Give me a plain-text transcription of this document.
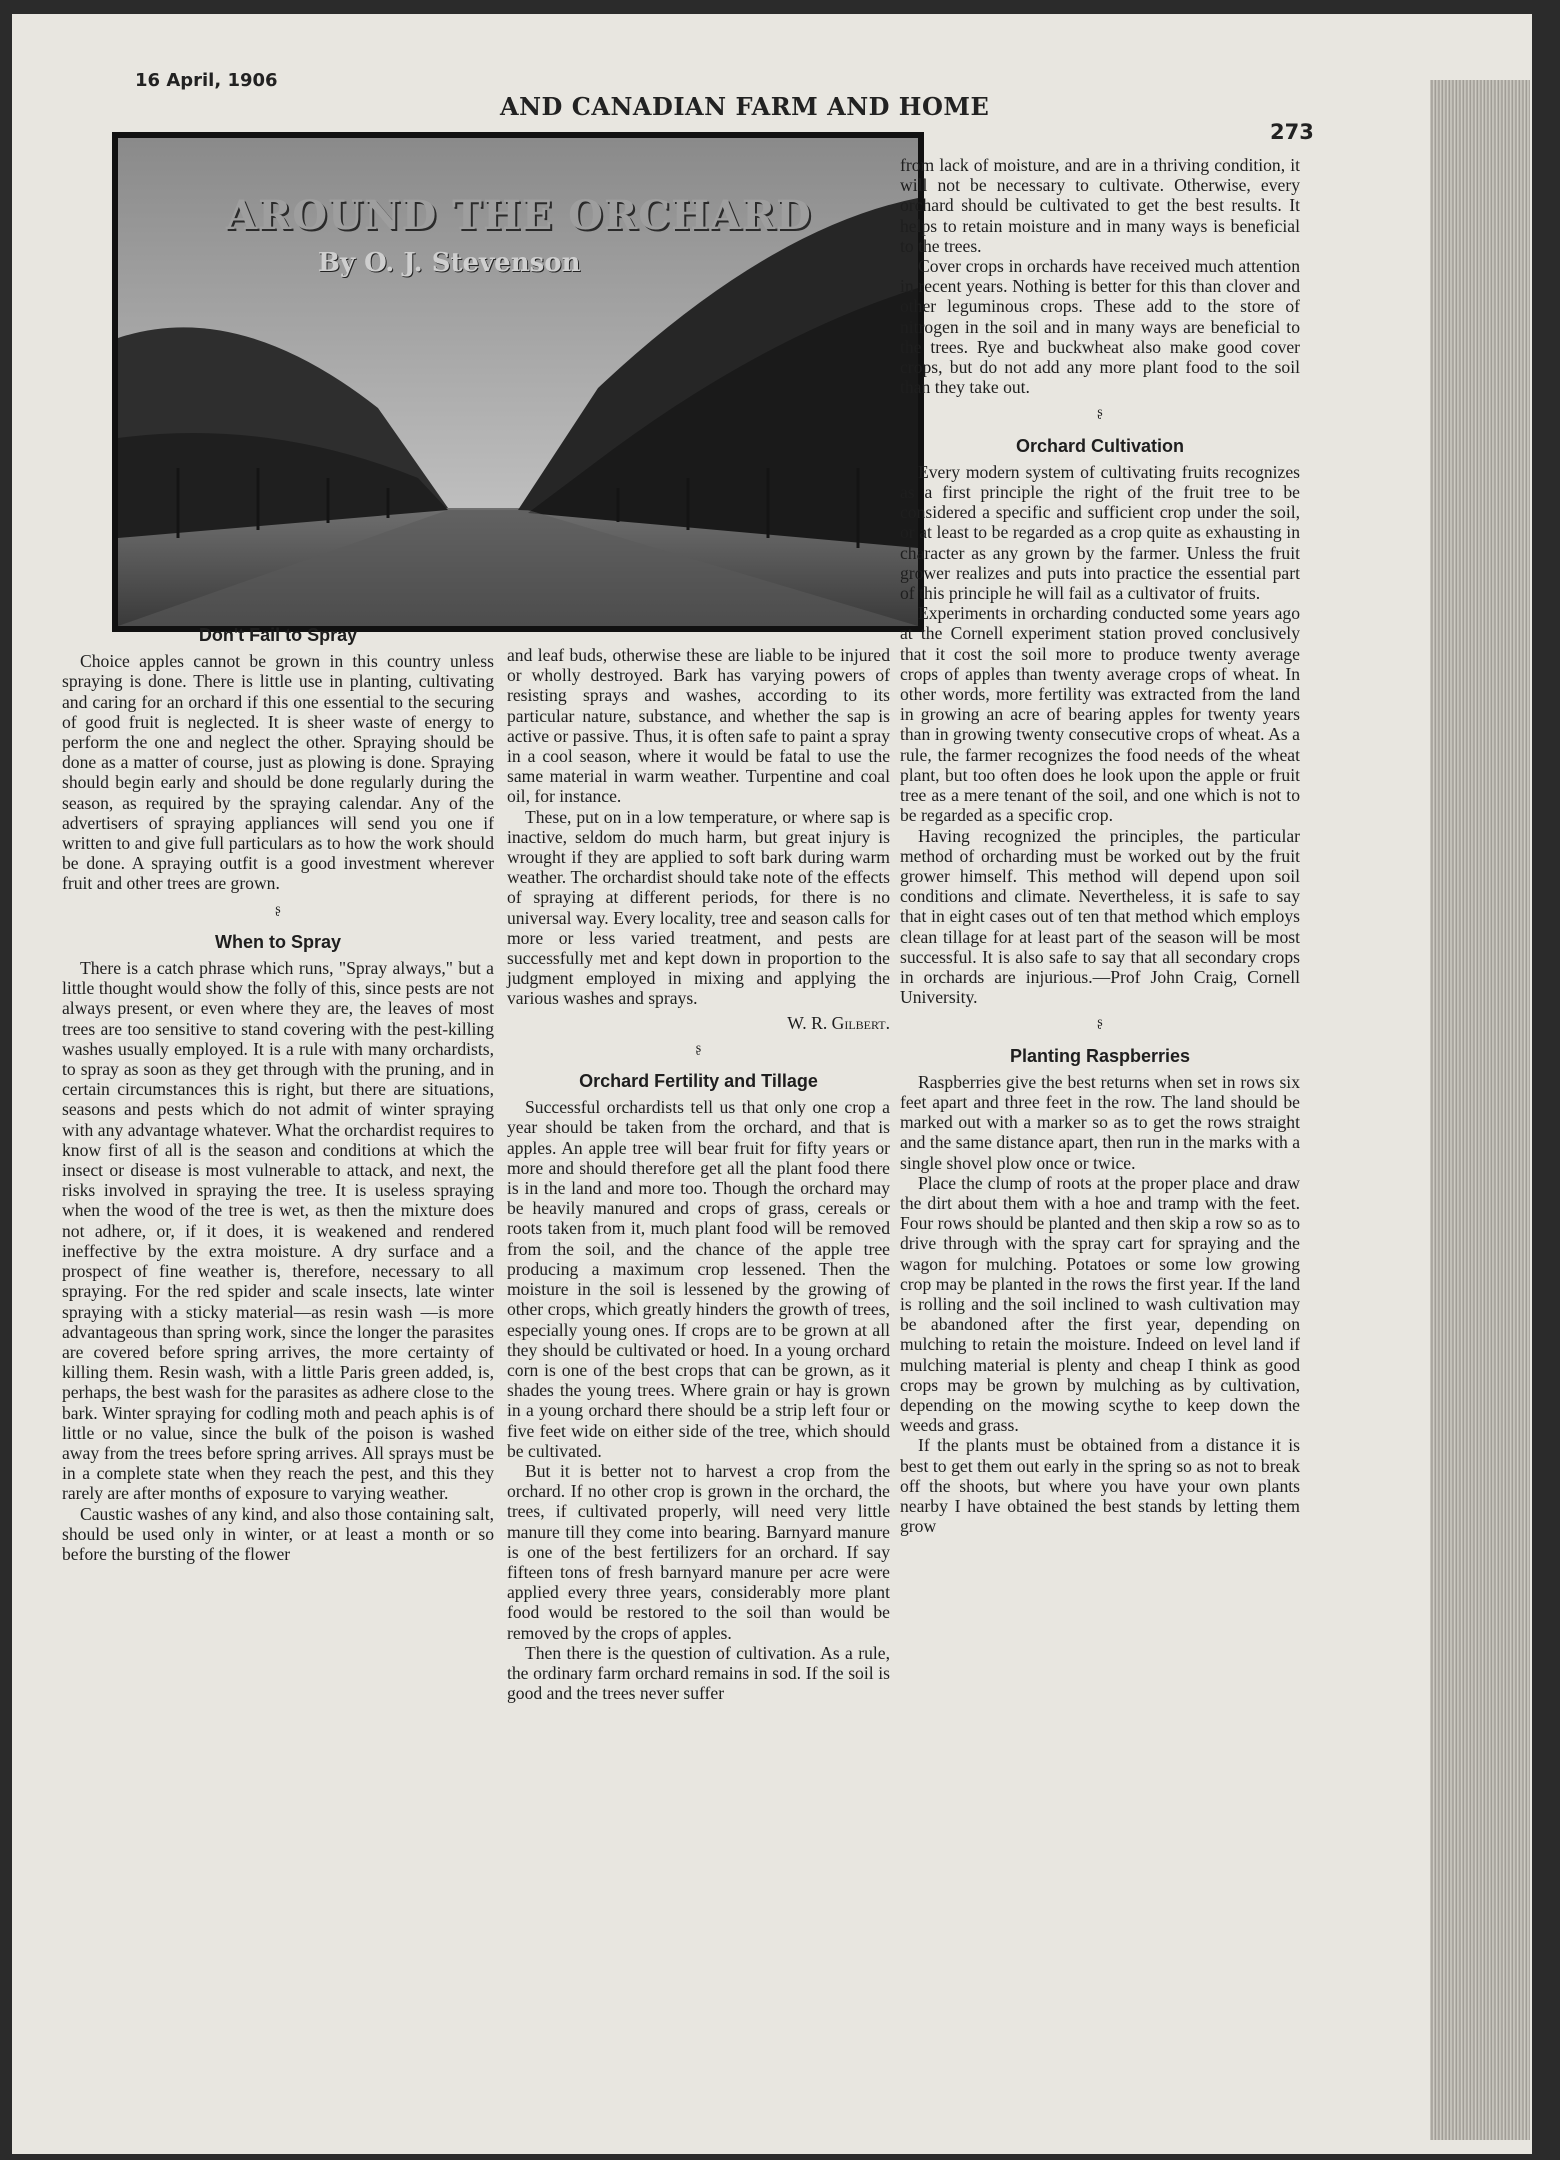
16 April, 1906
AND CANADIAN FARM AND HOME
273
AROUND THE ORCHARD
By O. J. Stevenson
Don't Fail to Spray

Choice apples cannot be grown in this country unless spraying is done. There is little use in planting, cultivating and caring for an orchard if this one essential to the securing of good fruit is neglected. It is sheer waste of energy to perform the one and neglect the other. Spraying should be done as a matter of course, just as plowing is done. Spraying should begin early and should be done regularly during the season, as required by the spraying calendar. Any of the advertisers of spraying appliances will send you one if written to and give full particulars as to how the work should be done. A spraying outfit is a good investment wherever fruit and other trees are grown.

ʂ
When to Spray

There is a catch phrase which runs, "Spray always," but a little thought would show the folly of this, since pests are not always present, or even where they are, the leaves of most trees are too sensitive to stand covering with the pest-killing washes usually employed. It is a rule with many orchardists, to spray as soon as they get through with the pruning, and in certain circumstances this is right, but there are situations, seasons and pests which do not admit of winter spraying with any advantage whatever. What the orchardist requires to know first of all is the season and conditions at which the insect or disease is most vulnerable to attack, and next, the risks involved in spraying the tree. It is useless spraying when the wood of the tree is wet, as then the mixture does not adhere, or, if it does, it is weakened and rendered ineffective by the extra moisture. A dry surface and a prospect of fine weather is, therefore, necessary to all spraying. For the red spider and scale insects, late winter spraying with a sticky material—as resin wash —is more advantageous than spring work, since the longer the parasites are covered before spring arrives, the more certainty of killing them. Resin wash, with a little Paris green added, is, perhaps, the best wash for the parasites as adhere close to the bark. Winter spraying for codling moth and peach aphis is of little or no value, since the bulk of the poison is washed away from the trees before spring arrives. All sprays must be in a complete state when they reach the pest, and this they rarely are after months of exposure to varying weather.

Caustic washes of any kind, and also those containing salt, should be used only in winter, or at least a month or so before the bursting of the flower

and leaf buds, otherwise these are liable to be injured or wholly destroyed. Bark has varying powers of resisting sprays and washes, according to its particular nature, substance, and whether the sap is active or passive. Thus, it is often safe to paint a spray in a cool season, where it would be fatal to use the same material in warm weather. Turpentine and coal oil, for instance.

These, put on in a low temperature, or where sap is inactive, seldom do much harm, but great injury is wrought if they are applied to soft bark during warm weather. The orchardist should take note of the effects of spraying at different periods, for there is no universal way. Every locality, tree and season calls for more or less varied treatment, and pests are successfully met and kept down in proportion to the judgment employed in mixing and applying the various washes and sprays.

W. R. Gilbert.
ʂ
Orchard Fertility and Tillage

Successful orchardists tell us that only one crop a year should be taken from the orchard, and that is apples. An apple tree will bear fruit for fifty years or more and should therefore get all the plant food there is in the land and more too. Though the orchard may be heavily manured and crops of grass, cereals or roots taken from it, much plant food will be removed from the soil, and the chance of the apple tree producing a maximum crop lessened. Then the moisture in the soil is lessened by the growing of other crops, which greatly hinders the growth of trees, especially young ones. If crops are to be grown at all they should be cultivated or hoed. In a young orchard corn is one of the best crops that can be grown, as it shades the young trees. Where grain or hay is grown in a young orchard there should be a strip left four or five feet wide on either side of the tree, which should be cultivated.

But it is better not to harvest a crop from the orchard. If no other crop is grown in the orchard, the trees, if cultivated properly, will need very little manure till they come into bearing. Barnyard manure is one of the best fertilizers for an orchard. If say fifteen tons of fresh barnyard manure per acre were applied every three years, considerably more plant food would be restored to the soil than would be removed by the crops of apples.

Then there is the question of cultivation. As a rule, the ordinary farm orchard remains in sod. If the soil is good and the trees never suffer

from lack of moisture, and are in a thriving condition, it will not be necessary to cultivate. Otherwise, every orchard should be cultivated to get the best results. It helps to retain moisture and in many ways is beneficial to the trees.

Cover crops in orchards have received much attention in recent years. Nothing is better for this than clover and other leguminous crops. These add to the store of nitrogen in the soil and in many ways are beneficial to the trees. Rye and buckwheat also make good cover crops, but do not add any more plant food to the soil than they take out.

ʂ
Orchard Cultivation

Every modern system of cultivating fruits recognizes as a first principle the right of the fruit tree to be considered a specific and sufficient crop under the soil, or at least to be regarded as a crop quite as exhausting in character as any grown by the farmer. Unless the fruit grower realizes and puts into practice the essential part of this principle he will fail as a cultivator of fruits.

Experiments in orcharding conducted some years ago at the Cornell experiment station proved conclusively that it cost the soil more to produce twenty average crops of apples than twenty average crops of wheat. In other words, more fertility was extracted from the land in growing an acre of bearing apples for twenty years than in growing twenty consecutive crops of wheat. As a rule, the farmer recognizes the food needs of the wheat plant, but too often does he look upon the apple or fruit tree as a mere tenant of the soil, and one which is not to be regarded as a specific crop.

Having recognized the principles, the particular method of orcharding must be worked out by the fruit grower himself. This method will depend upon soil conditions and climate. Nevertheless, it is safe to say that in eight cases out of ten that method which employs clean tillage for at least part of the season will be most successful. It is also safe to say that all secondary crops in orchards are injurious.—Prof John Craig, Cornell University.

ʂ
Planting Raspberries

Raspberries give the best returns when set in rows six feet apart and three feet in the row. The land should be marked out with a marker so as to get the rows straight and the same distance apart, then run in the marks with a single shovel plow once or twice.

Place the clump of roots at the proper place and draw the dirt about them with a hoe and tramp with the feet. Four rows should be planted and then skip a row so as to drive through with the spray cart for spraying and the wagon for mulching. Potatoes or some low growing crop may be planted in the rows the first year. If the land is rolling and the soil inclined to wash cultivation may be abandoned after the first year, depending on mulching to retain the moisture. Indeed on level land if mulching material is plenty and cheap I think as good crops may be grown by mulching as by cultivation, depending on the mowing scythe to keep down the weeds and grass.

If the plants must be obtained from a distance it is best to get them out early in the spring so as not to break off the shoots, but where you have your own plants nearby I have obtained the best stands by letting them grow
